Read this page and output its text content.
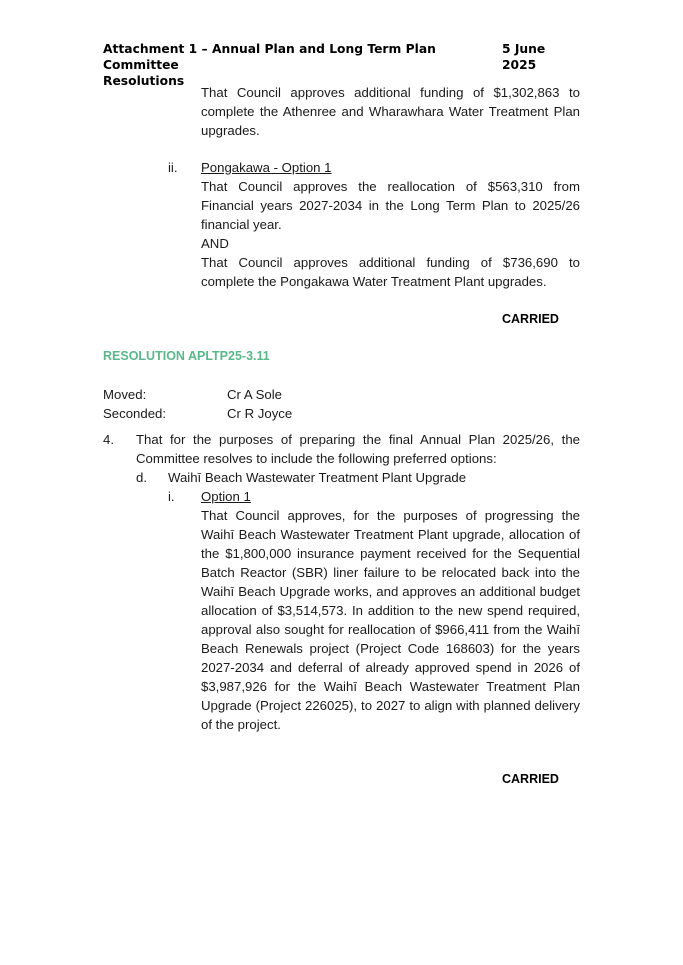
Attachment 1 – Annual Plan and Long Term Plan Committee
5 June 2025
Resolutions
That Council approves additional funding of $1,302,863 to complete the Athenree and Wharawhara Water Treatment Plan upgrades.
ii. Pongakawa - Option 1
That Council approves the reallocation of $563,310 from Financial years 2027-2034 in the Long Term Plan to 2025/26 financial year.
AND
That Council approves additional funding of $736,690 to complete the Pongakawa Water Treatment Plant upgrades.
CARRIED
RESOLUTION APLTP25-3.11
Moved:	Cr A Sole
Seconded:	Cr R Joyce
4. That for the purposes of preparing the final Annual Plan 2025/26, the Committee resolves to include the following preferred options:
d. Waihī Beach Wastewater Treatment Plant Upgrade
i. Option 1
That Council approves, for the purposes of progressing the Waihī Beach Wastewater Treatment Plant upgrade, allocation of the $1,800,000 insurance payment received for the Sequential Batch Reactor (SBR) liner failure to be relocated back into the Waihī Beach Upgrade works, and approves an additional budget allocation of $3,514,573. In addition to the new spend required, approval also sought for reallocation of $966,411 from the Waihī Beach Renewals project (Project Code 168603) for the years 2027-2034 and deferral of already approved spend in 2026 of $3,987,926 for the Waihī Beach Wastewater Treatment Plan Upgrade (Project 226025), to 2027 to align with planned delivery of the project.
CARRIED
